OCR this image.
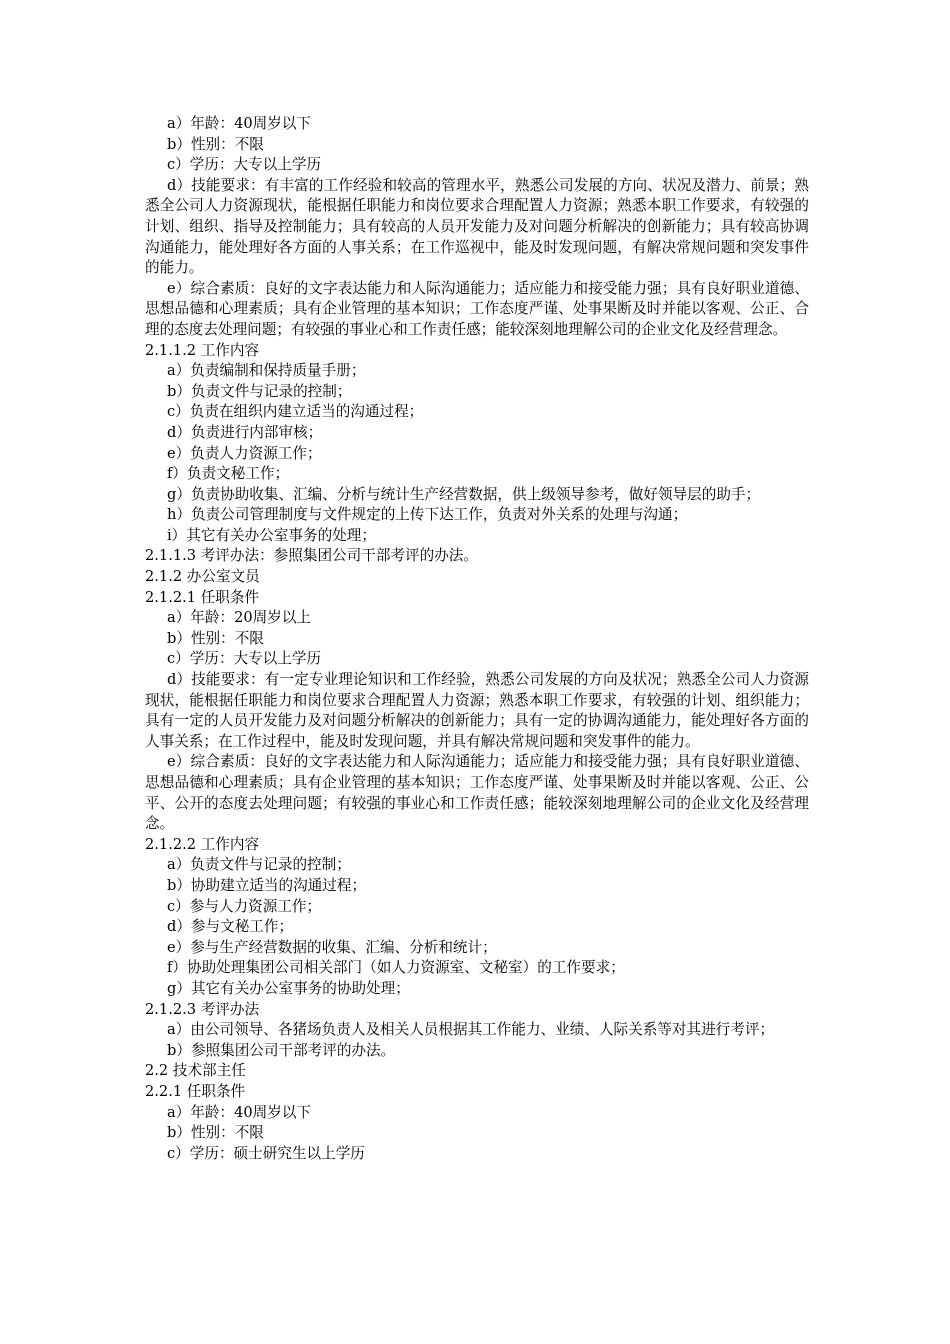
a）年龄：40周岁以下

b）性别：不限

c）学历：大专以上学历

d）技能要求：有丰富的工作经验和较高的管理水平，熟悉公司发展的方向、状况及潜力、前景；熟悉全公司人力资源现状，能根据任职能力和岗位要求合理配置人力资源；熟悉本职工作要求，有较强的计划、组织、指导及控制能力；具有较高的人员开发能力及对问题分析解决的创新能力；具有较高协调沟通能力，能处理好各方面的人事关系；在工作巡视中，能及时发现问题，有解决常规问题和突发事件的能力。

e）综合素质：良好的文字表达能力和人际沟通能力；适应能力和接受能力强；具有良好职业道德、思想品德和心理素质；具有企业管理的基本知识；工作态度严谨、处事果断及时并能以客观、公正、合理的态度去处理问题；有较强的事业心和工作责任感；能较深刻地理解公司的企业文化及经营理念。

2.1.1.2 工作内容

a）负责编制和保持质量手册；

b）负责文件与记录的控制；

c）负责在组织内建立适当的沟通过程；

d）负责进行内部审核；

e）负责人力资源工作；

f）负责文秘工作；

g）负责协助收集、汇编、分析与统计生产经营数据，供上级领导参考，做好领导层的助手；

h）负责公司管理制度与文件规定的上传下达工作，负责对外关系的处理与沟通；

i）其它有关办公室事务的处理；

2.1.1.3 考评办法：参照集团公司干部考评的办法。

2.1.2 办公室文员

2.1.2.1 任职条件

a）年龄：20周岁以上

b）性别：不限

c）学历：大专以上学历

d）技能要求：有一定专业理论知识和工作经验，熟悉公司发展的方向及状况；熟悉全公司人力资源现状，能根据任职能力和岗位要求合理配置人力资源；熟悉本职工作要求，有较强的计划、组织能力；具有一定的人员开发能力及对问题分析解决的创新能力；具有一定的协调沟通能力，能处理好各方面的人事关系；在工作过程中，能及时发现问题，并具有解决常规问题和突发事件的能力。

e）综合素质：良好的文字表达能力和人际沟通能力；适应能力和接受能力强；具有良好职业道德、思想品德和心理素质；具有企业管理的基本知识；工作态度严谨、处事果断及时并能以客观、公正、公平、公开的态度去处理问题；有较强的事业心和工作责任感；能较深刻地理解公司的企业文化及经营理念。

2.1.2.2 工作内容

a）负责文件与记录的控制；

b）协助建立适当的沟通过程；

c）参与人力资源工作；

d）参与文秘工作；

e）参与生产经营数据的收集、汇编、分析和统计；

f）协助处理集团公司相关部门（如人力资源室、文秘室）的工作要求；

g）其它有关办公室事务的协助处理；

2.1.2.3 考评办法

a）由公司领导、各猪场负责人及相关人员根据其工作能力、业绩、人际关系等对其进行考评；

b）参照集团公司干部考评的办法。

2.2 技术部主任

2.2.1 任职条件

a）年龄：40周岁以下

b）性别：不限

c）学历：硕士研究生以上学历
